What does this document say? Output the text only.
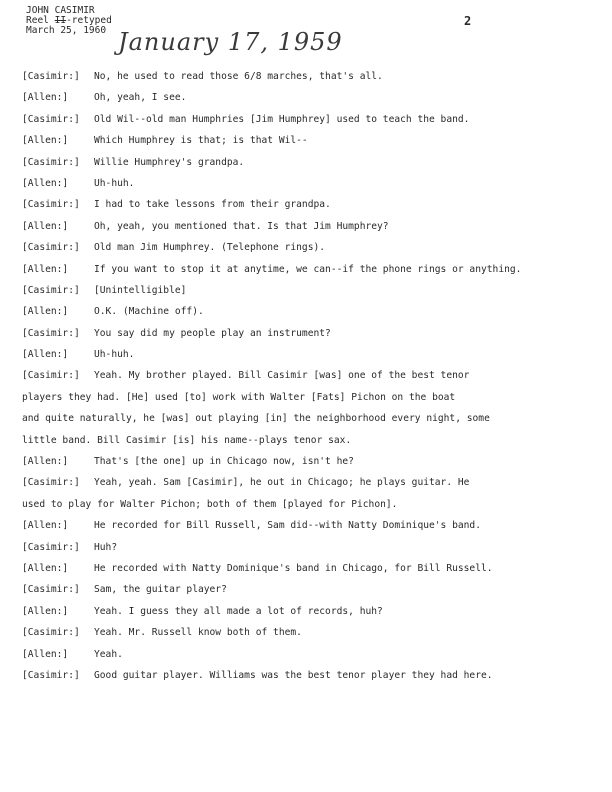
JOHN CASIMIR
Reel II-retyped
March 25, 1960 January 17, 1959
2
[Casimir:] No, he used to read those 6/8 marches, that's all.
[Allen:]	Oh, yeah, I see.
[Casimir:] Old Wil--old man Humphries [Jim Humphrey] used to teach the band.
[Allen:]	Which Humphrey is that; is that Wil--
[Casimir:] Willie Humphrey's grandpa.
[Allen:]	Uh-huh.
[Casimir:] I had to take lessons from their grandpa.
[Allen:]	Oh, yeah, you mentioned that. Is that Jim Humphrey?
[Casimir:] Old man Jim Humphrey. (Telephone rings).
[Allen:]	If you want to stop it at anytime, we can--if the phone rings or anything.
[Casimir:] [Unintelligible]
[Allen:]	O.K. (Machine off).
[Casimir:] You say did my people play an instrument?
[Allen:]	Uh-huh.
[Casimir:] Yeah. My brother played. Bill Casimir [was] one of the best tenor
players they had. [He] used [to] work with Walter [Fats] Pichon on the boat
and quite naturally, he [was] out playing [in] the neighborhood every night, some
little band. Bill Casimir [is] his name--plays tenor sax.
[Allen:]	That's [the one] up in Chicago now, isn't he?
[Casimir:] Yeah, yeah. Sam [Casimir], he out in Chicago; he plays guitar. He
used to play for Walter Pichon; both of them [played for Pichon].
[Allen:]	He recorded for Bill Russell, Sam did--with Natty Dominique's band.
[Casimir:] Huh?
[Allen:]	He recorded with Natty Dominique's band in Chicago, for Bill Russell.
[Casimir:] Sam, the guitar player?
[Allen:]	Yeah. I guess they all made a lot of records, huh?
[Casimir:] Yeah. Mr. Russell know both of them.
[Allen:]	Yeah.
[Casimir:] Good guitar player. Williams was the best tenor player they had here.
